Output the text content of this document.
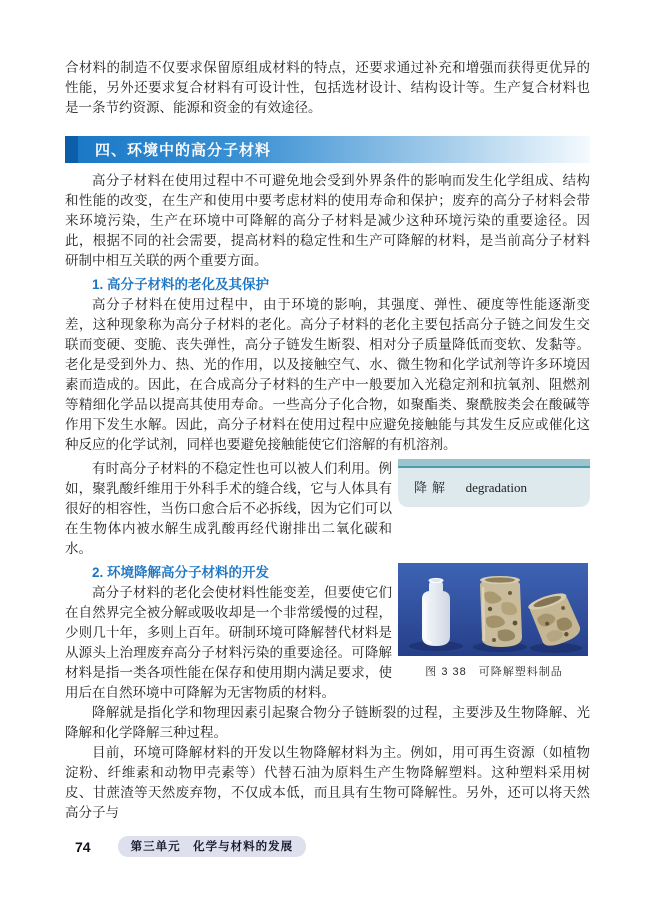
合材料的制造不仅要求保留原组成材料的特点，还要求通过补充和增强而获得更优异的性能，另外还要求复合材料有可设计性，包括选材设计、结构设计等。生产复合材料也是一条节约资源、能源和资金的有效途径。

四、环境中的高分子材料

高分子材料在使用过程中不可避免地会受到外界条件的影响而发生化学组成、结构和性能的改变，在生产和使用中要考虑材料的使用寿命和保护；废弃的高分子材料会带来环境污染，生产在环境中可降解的高分子材料是减少这种环境污染的重要途径。因此，根据不同的社会需要，提高材料的稳定性和生产可降解的材料，是当前高分子材料研制中相互关联的两个重要方面。

1. 高分子材料的老化及其保护

高分子材料在使用过程中，由于环境的影响，其强度、弹性、硬度等性能逐渐变差，这种现象称为高分子材料的老化。高分子材料的老化主要包括高分子链之间发生交联而变硬、变脆、丧失弹性，高分子链发生断裂、相对分子质量降低而变软、发黏等。老化是受到外力、热、光的作用，以及接触空气、水、微生物和化学试剂等许多环境因素而造成的。因此，在合成高分子材料的生产中一般要加入光稳定剂和抗氧剂、阻燃剂等精细化学品以提高其使用寿命。一些高分子化合物，如聚酯类、聚酰胺类会在酸碱等作用下发生水解。因此，高分子材料在使用过程中应避免接触能与其发生反应或催化这种反应的化学试剂，同样也要避免接触能使它们溶解的有机溶剂。

降解 degradation
图 3 38　可降解塑料制品

有时高分子材料的不稳定性也可以被人们利用。例如，聚乳酸纤维用于外科手术的缝合线，它与人体具有很好的相容性，当伤口愈合后不必拆线，因为它们可以在生物体内被水解生成乳酸再经代谢排出二氧化碳和水。

2. 环境降解高分子材料的开发

高分子材料的老化会使材料性能变差，但要使它们在自然界完全被分解或吸收却是一个非常缓慢的过程，少则几十年，多则上百年。研制环境可降解替代材料是从源头上治理废弃高分子材料污染的重要途径。可降解材料是指一类各项性能在保存和使用期内满足要求，使用后在自然环境中可降解为无害物质的材料。

降解就是指化学和物理因素引起聚合物分子链断裂的过程，主要涉及生物降解、光降解和化学降解三种过程。

目前，环境可降解材料的开发以生物降解材料为主。例如，用可再生资源（如植物淀粉、纤维素和动物甲壳素等）代替石油为原料生产生物降解塑料。这种塑料采用树皮、甘蔗渣等天然废弃物，不仅成本低，而且具有生物可降解性。另外，还可以将天然高分子与

74	第三单元　化学与材料的发展
